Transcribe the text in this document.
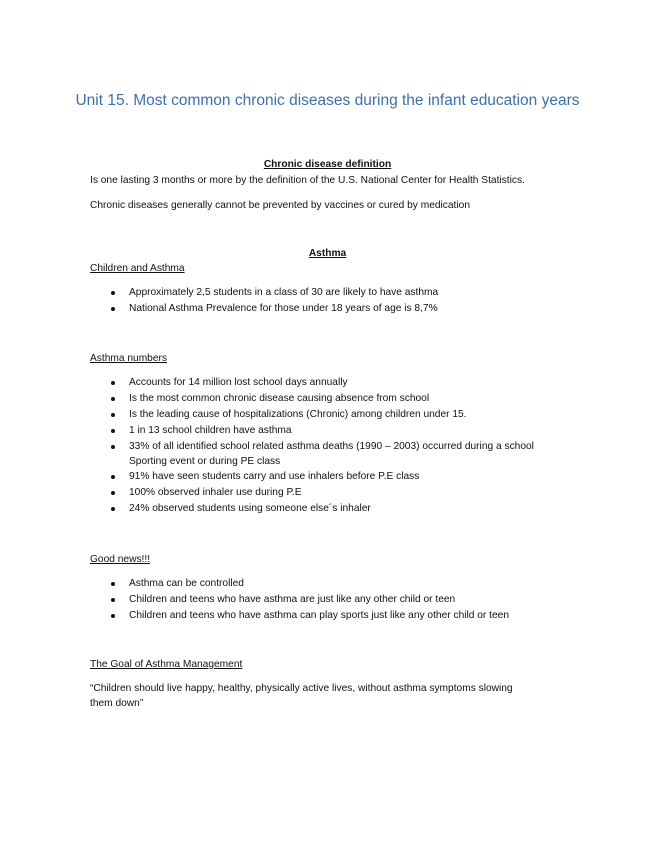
Unit 15. Most common chronic diseases during the infant education years
Chronic disease definition
Is one lasting 3 months or more by the definition of the U.S. National Center for Health Statistics.
Chronic diseases generally cannot be prevented by vaccines or cured by medication
Asthma
Children and Asthma
Approximately 2,5 students in a class of 30 are likely to have asthma
National Asthma Prevalence for those under 18 years of age is 8,7%
Asthma numbers
Accounts for 14 million lost school days annually
Is the most common chronic disease causing absence from school
Is the leading cause of hospitalizations (Chronic) among children under 15.
1 in 13 school children have asthma
33% of all identified school related asthma deaths (1990 – 2003) occurred during a school
Sporting event or during PE class
91% have seen students carry and use inhalers before P.E class
100% observed inhaler use during P.E
24% observed students using someone else´s inhaler
Good news!!!
Asthma can be controlled
Children and teens who have asthma are just like any other child or teen
Children and teens who have asthma can play sports just like any other child or teen
The Goal of Asthma Management
“Children should live happy, healthy, physically active lives, without asthma symptoms slowing
them down”
